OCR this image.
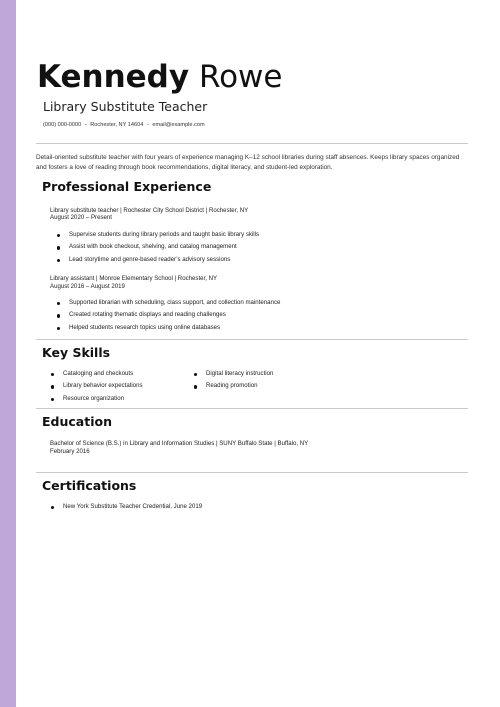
Kennedy Rowe
Library Substitute Teacher
(000) 000-0000 - Rochester, NY 14604 - email@example.com
Detail-oriented substitute teacher with four years of experience managing K–12 school libraries during staff absences. Keeps library spaces organized and fosters a love of reading through book recommendations, digital literacy, and student-led exploration.
Professional Experience
Library substitute teacher | Rochester City School District | Rochester, NY
August 2020 – Present
Supervise students during library periods and taught basic library skills
Assist with book checkout, shelving, and catalog management
Lead storytime and genre-based reader’s advisory sessions
Library assistant | Monroe Elementary School | Rochester, NY
August 2016 – August 2019
Supported librarian with scheduling, class support, and collection maintenance
Created rotating thematic displays and reading challenges
Helped students research topics using online databases
Key Skills
Cataloging and checkouts
Library behavior expectations
Resource organization
Digital literacy instruction
Reading promotion
Education
Bachelor of Science (B.S.) in Library and Information Studies | SUNY Buffalo State | Buffalo, NY
February 2016
Certifications
New York Substitute Teacher Credential, June 2019
